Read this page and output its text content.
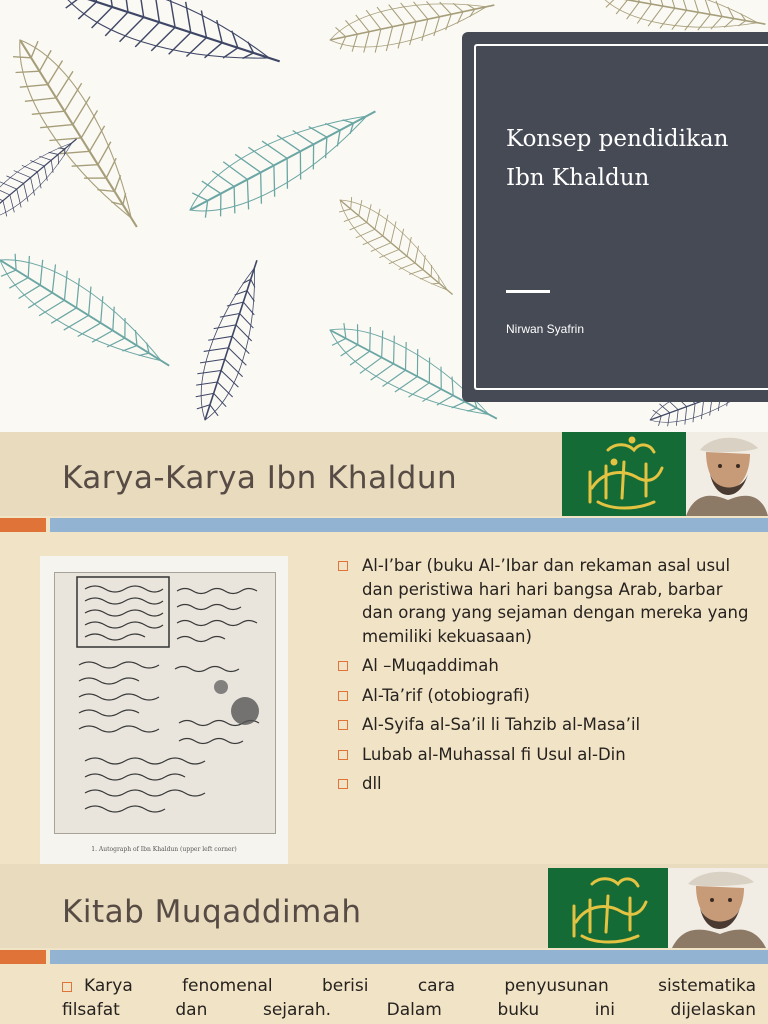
Konsep pendidikan Ibn Khaldun
Nirwan Syafrin
Karya-Karya Ibn Khaldun
1. Autograph of Ibn Khaldun (upper left corner)
Al-I’bar (buku Al-’Ibar dan rekaman asal usul dan peristiwa hari hari bangsa Arab, barbar dan orang yang sejaman dengan mereka yang memiliki kekuasaan)
Al –Muqaddimah
Al-Ta’rif (otobiografi)
Al-Syifa al-Sa’il li Tahzib al-Masa’il
Lubab al-Muhassal fi Usul al-Din
dll
Kitab Muqaddimah
Karya fenomenal berisi cara penyusunan sistematika
filsafat dan sejarah. Dalam buku ini dijelaskan
